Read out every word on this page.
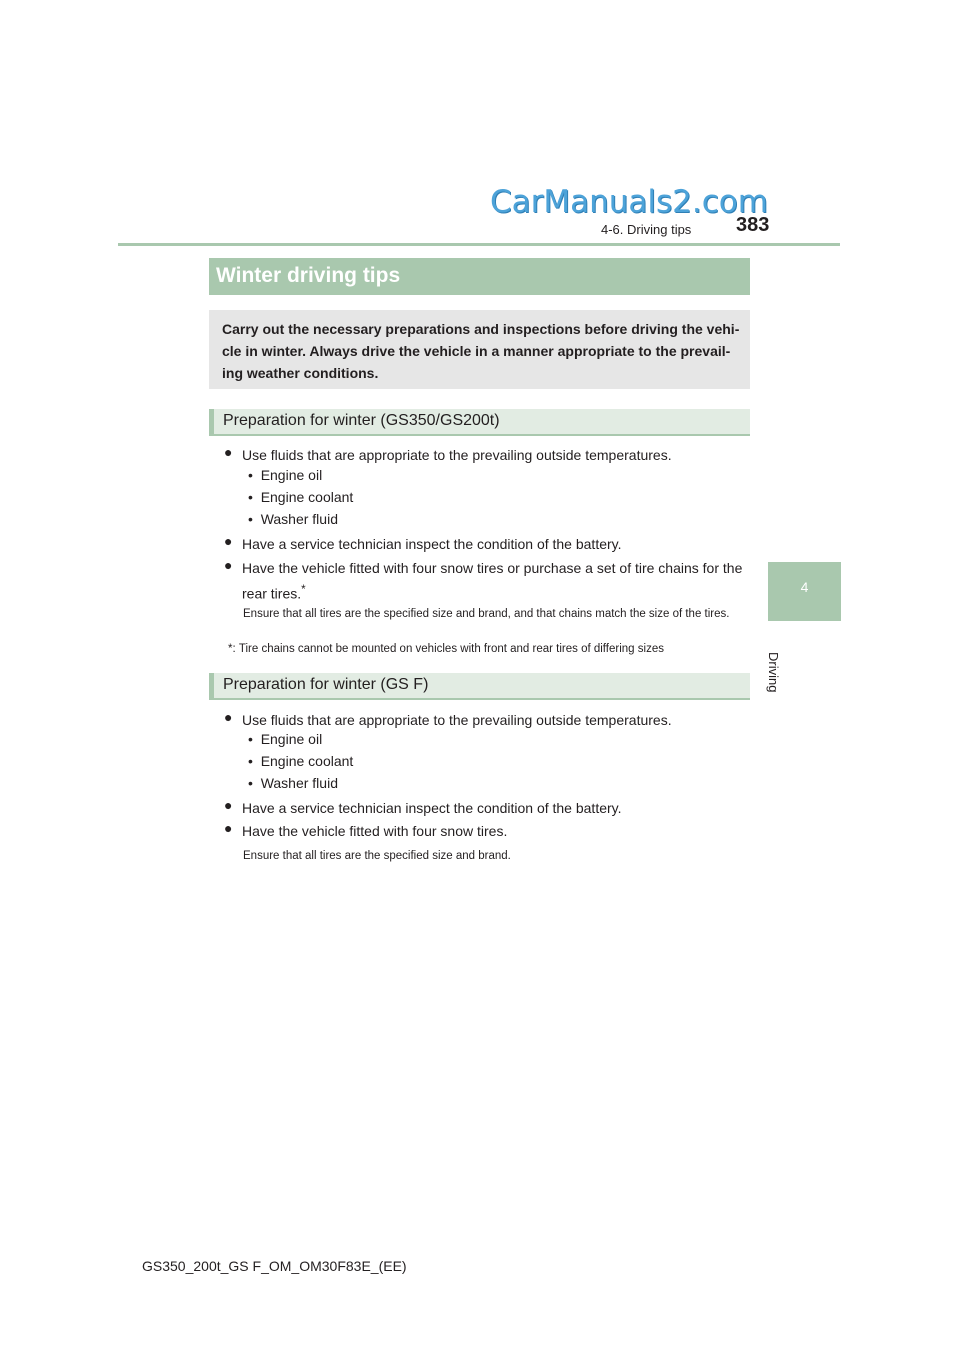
CarManuals2.com
383
4-6. Driving tips
4
Driving
Winter driving tips
Carry out the necessary preparations and inspections before driving the vehi-cle in winter. Always drive the vehicle in a manner appropriate to the prevail-ing weather conditions.
Preparation for winter (GS350/GS200t)
● Use fluids that are appropriate to the prevailing outside temperatures.
• Engine oil
• Engine coolant
• Washer fluid
● Have a service technician inspect the condition of the battery.
● Have the vehicle fitted with four snow tires or purchase a set of tire chains for the rear tires.*
Ensure that all tires are the specified size and brand, and that chains match the size of the tires.
*: Tire chains cannot be mounted on vehicles with front and rear tires of differing sizes
Preparation for winter (GS F)
● Use fluids that are appropriate to the prevailing outside temperatures.
• Engine oil
• Engine coolant
• Washer fluid
● Have a service technician inspect the condition of the battery.
● Have the vehicle fitted with four snow tires.
Ensure that all tires are the specified size and brand.
GS350_200t_GS F_OM_OM30F83E_(EE)
